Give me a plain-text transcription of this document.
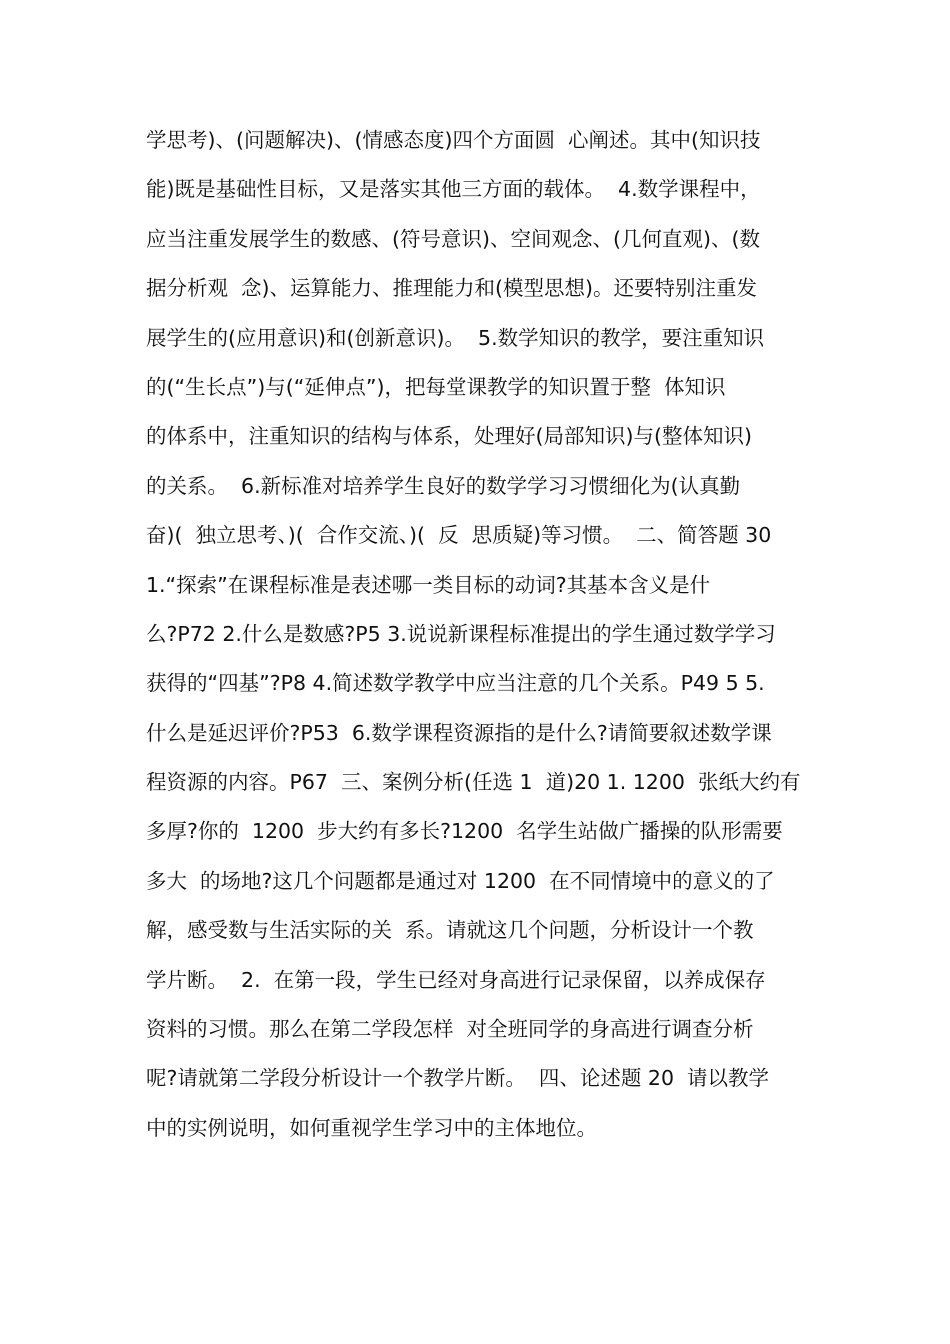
学思考)、(问题解决)、(情感态度)四个方面圆  心阐述。其中(知识技
能)既是基础性目标，又是落实其他三方面的载体。  4.数学课程中，
应当注重发展学生的数感、(符号意识)、空间观念、(几何直观)、(数
据分析观  念)、运算能力、推理能力和(模型思想)。还要特别注重发
展学生的(应用意识)和(创新意识)。  5.数学知识的教学，要注重知识
的(“生长点”)与(“延伸点”)，把每堂课教学的知识置于整  体知识
的体系中，注重知识的结构与体系，处理好(局部知识)与(整体知识)
的关系。  6.新标准对培养学生良好的数学学习习惯细化为(认真勤
奋)(  独立思考、)(  合作交流、)(  反  思质疑)等习惯。  二、简答题 30
1.“探索”在课程标准是表述哪一类目标的动词?其基本含义是什
么?P72 2.什么是数感?P5 3.说说新课程标准提出的学生通过数学学习
获得的“四基”?P8 4.简述数学教学中应当注意的几个关系。P49 5 5.
什么是延迟评价?P53  6.数学课程资源指的是什么?请简要叙述数学课
程资源的内容。P67  三、案例分析(任选 1  道)20 1. 1200  张纸大约有
多厚?你的  1200  步大约有多长?1200  名学生站做广播操的队形需要
多大  的场地?这几个问题都是通过对 1200  在不同情境中的意义的了
解，感受数与生活实际的关  系。请就这几个问题，分析设计一个教
学片断。  2.  在第一段，学生已经对身高进行记录保留，以养成保存
资料的习惯。那么在第二学段怎样  对全班同学的身高进行调查分析
呢?请就第二学段分析设计一个教学片断。  四、论述题 20  请以教学
中的实例说明，如何重视学生学习中的主体地位。
